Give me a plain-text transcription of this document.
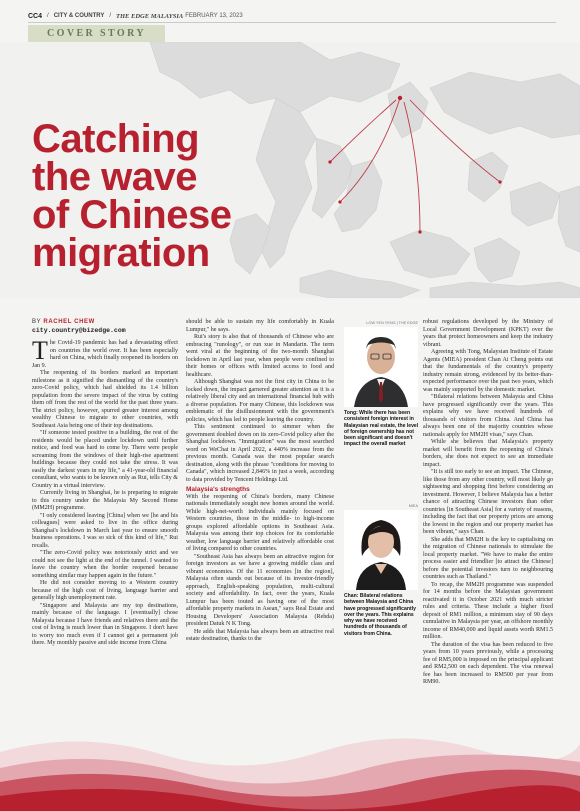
CC4 / CITY & COUNTRY / THE EDGE MALAYSIA FEBRUARY 13, 2023
COVER STORY
Catching
the wave
of Chinese
migration
BY RACHEL CHEW
city.country@bizedge.com

The Covid-19 pandemic has had a devastating effect on countries the world over. It has been especially hard on China, which finally reopened its borders on Jan 9.

The reopening of its borders marked an important milestone as it signified the dismantling of the country's zero-Covid policy, which had shielded its 1.4 billion population from the severe impact of the virus by cutting them off from the rest of the world for the past three years. The strict policy, however, spurred greater interest among wealthy Chinese to migrate to other countries, with Southeast Asia being one of their top destinations.

"If someone tested positive in a building, the rest of the residents would be placed under lockdown until further notice, and food was hard to come by. There were people screaming from the windows of their high-rise apartment buildings because they could not take the stress. It was easily the darkest years in my life," a 41-year-old financial consultant, who wants to be known only as Rui, tells City & Country in a virtual interview.

Currently living in Shanghai, he is preparing to migrate to this country under the Malaysia My Second Home (MM2H) programme.

"I only considered leaving [China] when we [he and his colleagues] were asked to live in the office during Shanghai's lockdown in March last year to ensure smooth business operations. I was so sick of this kind of life," Rui recalls.

"The zero-Covid policy was notoriously strict and we could not see the light at the end of the tunnel. I wanted to leave the country when the border reopened because something similar may happen again in the future."

He did not consider moving to a Western country because of the high cost of living, language barrier and generally high unemployment rate.

"Singapore and Malaysia are my top destinations, mainly because of the language. I [eventually] chose Malaysia because I have friends and relatives there and the cost of living is much lower than in Singapore. I don't have to worry too much even if I cannot get a permanent job there. My monthly passive and side income from China

should be able to sustain my life comfortably in Kuala Lumpur," he says.

Rui's story is also that of thousands of Chinese who are embracing "runology", or run xue in Mandarin. The term went viral at the beginning of the two-month Shanghai lockdown in April last year, when people were confined to their homes or offices with limited access to food and healthcare.

Although Shanghai was not the first city in China to be locked down, the impact garnered greater attention as it is a relatively liberal city and an international financial hub with a diverse population. For many Chinese, this lockdown was emblematic of the disillusionment with the government's policies, which has led to people leaving the country.

This sentiment continued to simmer when the government doubled down on its zero-Covid policy after the Shanghai lockdown. "Immigration" was the most searched word on WeChat in April 2022, a 440% increase from the previous month. Canada was the most popular search destination, along with the phrase "conditions for moving to Canada", which increased 2,846% in just a week, according to data provided by Tencent Holdings Ltd.

Malaysia's strengths

With the reopening of China's borders, many Chinese nationals immediately sought new homes around the world. While high-net-worth individuals mainly focused on Western countries, those in the middle- to high-income groups explored affordable options in Southeast Asia. Malaysia was among their top choices for its comfortable weather, low language barrier and relatively affordable cost of living compared to other countries.

"Southeast Asia has always been an attractive region for foreign investors as we have a growing middle class and vibrant economies. Of the 11 economies [in the region], Malaysia often stands out because of its investor-friendly approach, English-speaking population, multi-cultural society and affordability. In fact, over the years, Kuala Lumpur has been touted as having one of the most affordable property markets in Asean," says Real Estate and Housing Developers' Association Malaysia (Rehda) president Datuk N K Tong.

He adds that Malaysia has always been an attractive real estate destination, thanks to the

LOW YEN YENG | THE EDGE
Tong: While there has been consistent foreign interest in Malaysian real estate, the level of foreign ownership has not been significant and doesn't impact the overall market
MIEA
Chan: Bilateral relations between Malaysia and China have progressed significantly over the years. This explains why we have received hundreds of thousands of visitors from China.

robust regulations developed by the Ministry of Local Government Development (KPKT) over the years that protect homeowners and keep the industry vibrant.

Agreeing with Tong, Malaysian Institute of Estate Agents (MIEA) president Chan Ai Cheng points out that the fundamentals of the country's property industry remain strong, evidenced by its better-than-expected performance over the past two years, which was mainly supported by the domestic market.

"Bilateral relations between Malaysia and China have progressed significantly over the years. This explains why we have received hundreds of thousands of visitors from China. And China has always been one of the majority countries whose nationals apply for MM2H visas," says Chan.

While she believes that Malaysia's property market will benefit from the reopening of China's borders, she does not expect to see an immediate impact.

"It is still too early to see an impact. The Chinese, like those from any other country, will most likely go sightseeing and shopping first before considering an investment. However, I believe Malaysia has a better chance of attracting Chinese investors than other countries [in Southeast Asia] for a variety of reasons, including the fact that our property prices are among the lowest in the region and our property market has been vibrant," says Chan.

She adds that MM2H is the key to capitalising on the migration of Chinese nationals to stimulate the local property market. "We have to make the entire process easier and friendlier [to attract the Chinese] before the potential investors turn to neighbouring countries such as Thailand."

To recap, the MM2H programme was suspended for 14 months before the Malaysian government reactivated it in October 2021 with much stricter rules and criteria. These include a higher fixed deposit of RM1 million, a minimum stay of 90 days cumulative in Malaysia per year, an offshore monthly income of RM40,000 and liquid assets worth RM1.5 million.

The duration of the visa has been reduced to five years from 10 years previously, while a processing fee of RM5,000 is imposed on the principal applicant and RM2,500 on each dependent. The visa renewal fee has been increased to RM500 per year from RM90.
